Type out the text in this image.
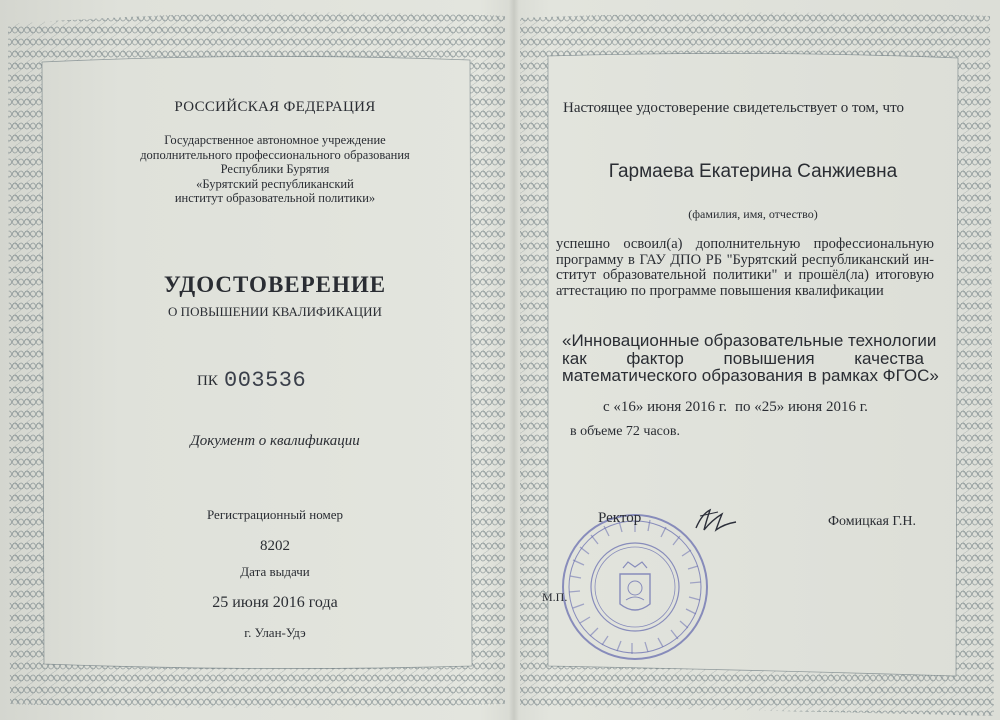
РОССИЙСКАЯ ФЕДЕРАЦИЯ
Государственное автономное учреждение
дополнительного профессионального образования
Республики Бурятия
«Бурятский республиканский
институт образовательной политики»
УДОСТОВЕРЕНИЕ
О ПОВЫШЕНИИ КВАЛИФИКАЦИИ
ПК 003536
Документ о квалификации
Регистрационный номер
8202
Дата выдачи
25 июня 2016 года
г. Улан-Удэ
Настоящее удостоверение свидетельствует о том, что
Гармаева Екатерина Санжиевна
(фамилия, имя, отчество)
успешно освоил(а) дополнительную профессиональную
программу в ГАУ ДПО РБ "Бурятский республиканский ин-
ститут образовательной политики" и прошёл(ла) итоговую
аттестацию по программе повышения квалификации
«Инновационные образовательные технологии
как фактор повышения качества
математического образования в рамках ФГОС»
с «16» июня 2016 г. по «25» июня 2016 г.
в объеме 72 часов.
Ректор	Фомицкая Г.Н.
М.П.
